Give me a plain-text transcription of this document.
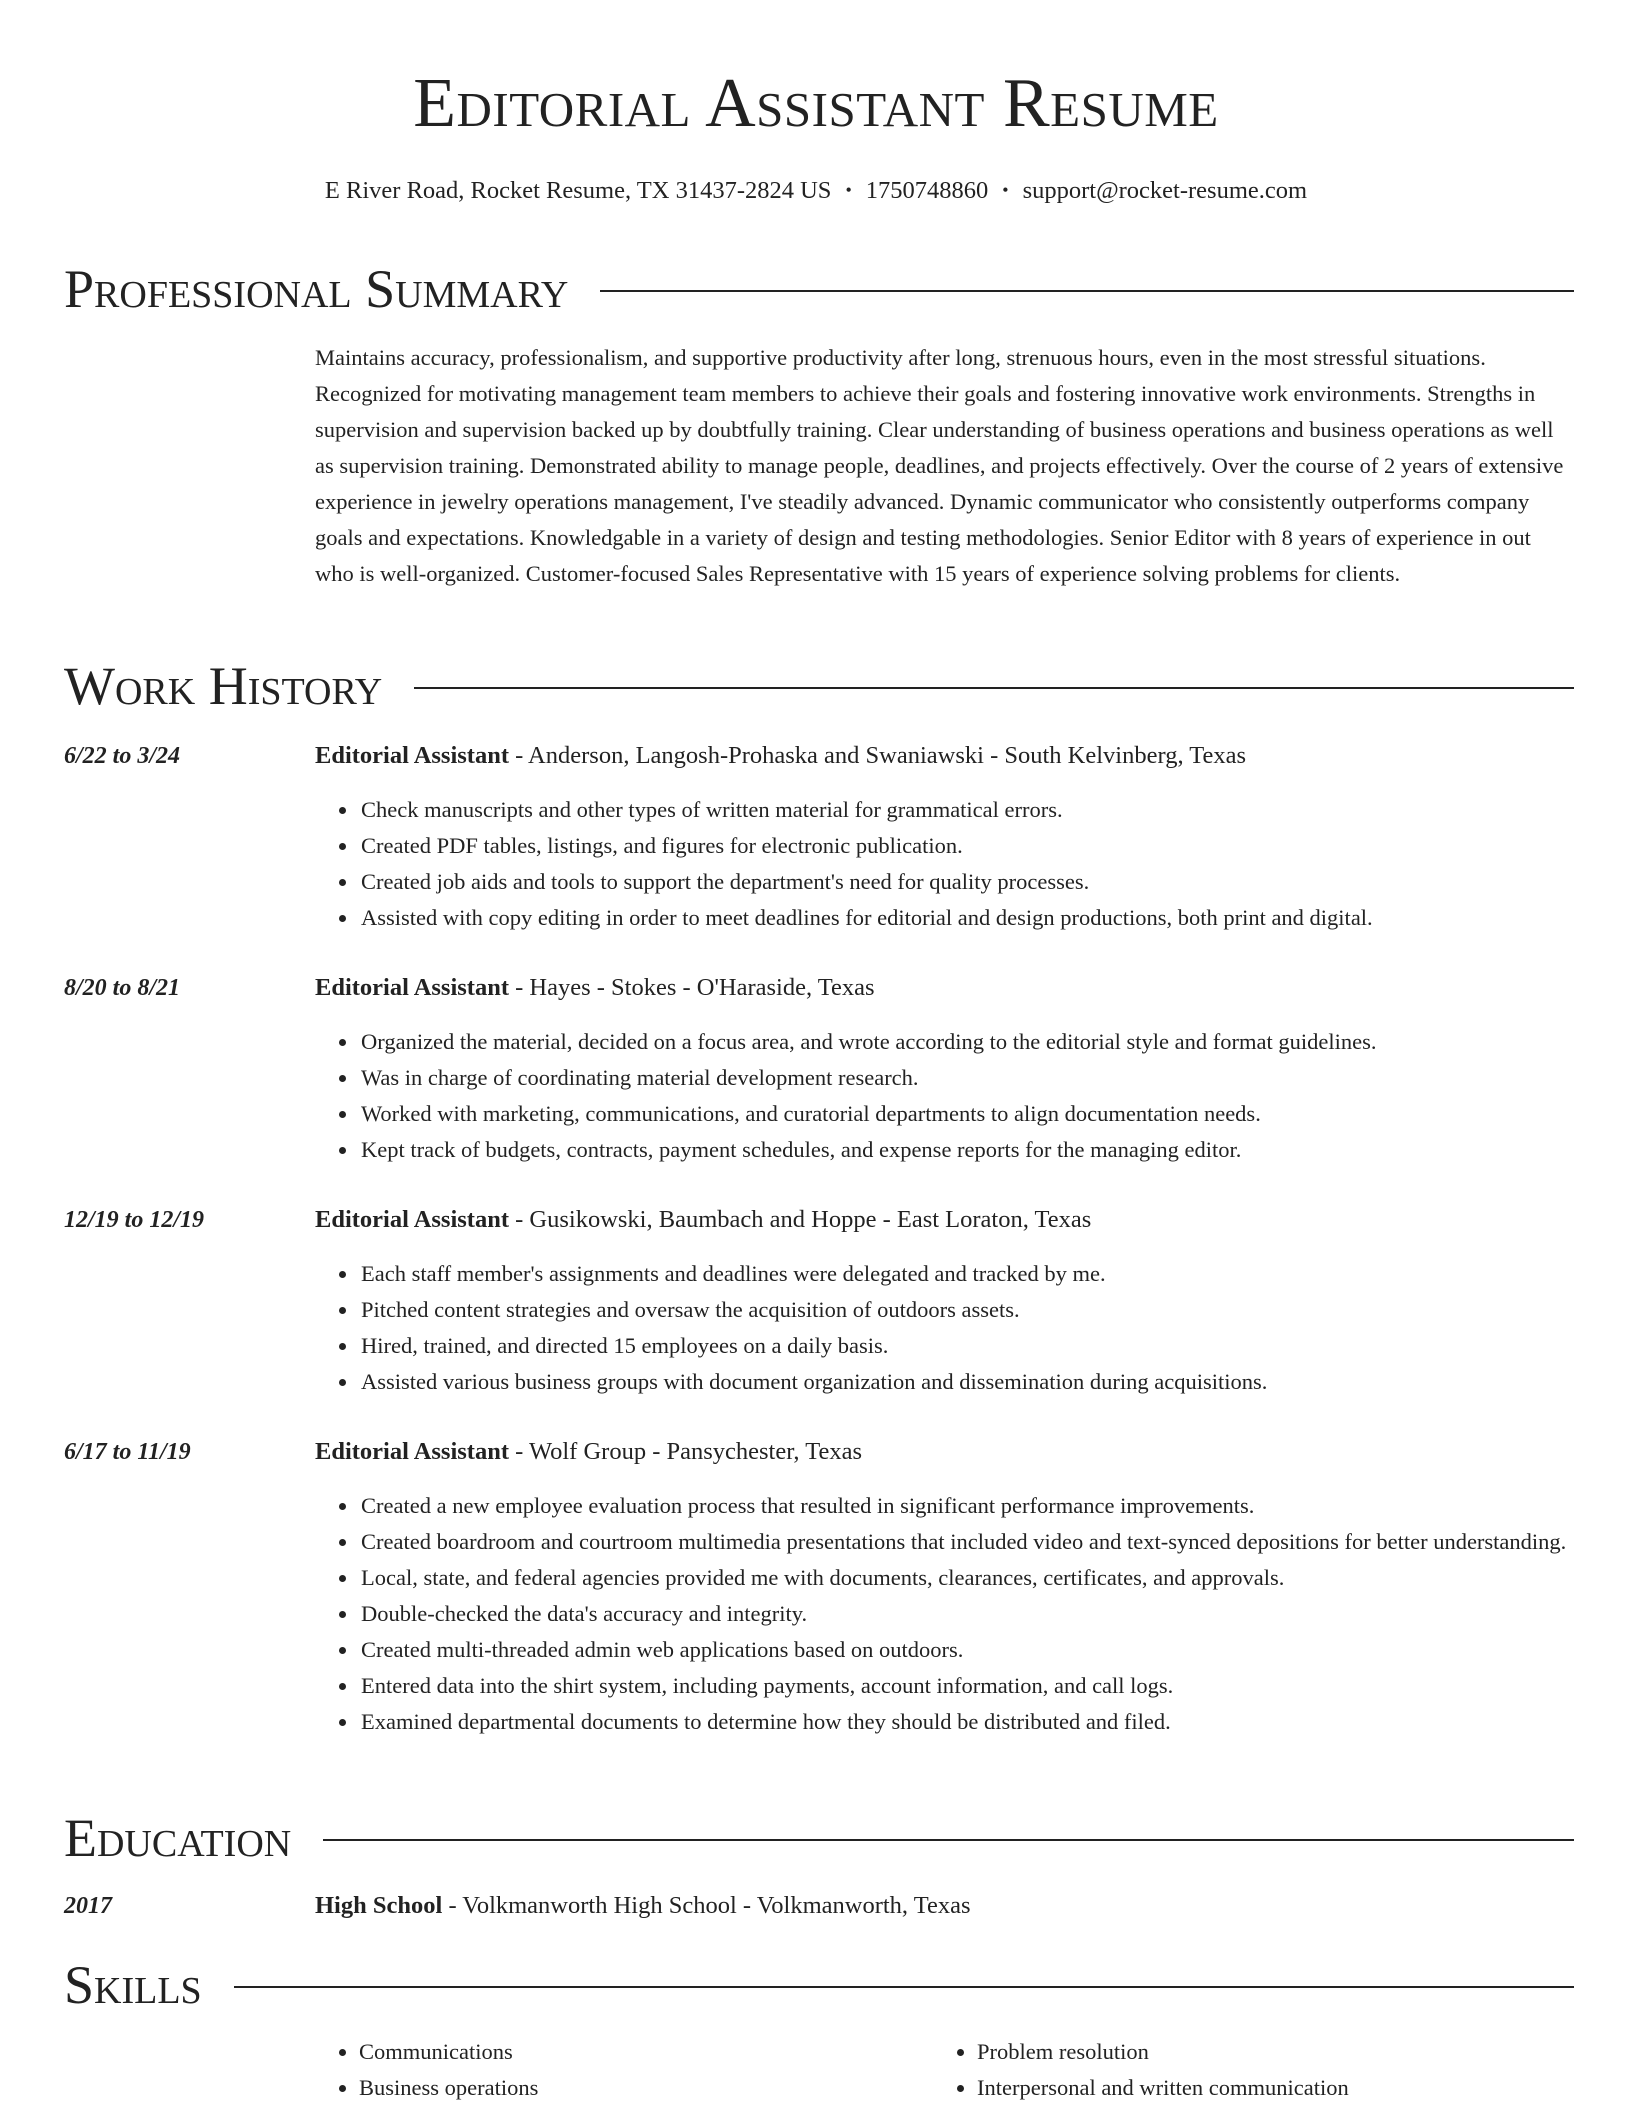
Editorial Assistant Resume
E River Road, Rocket Resume, TX 31437-2824 US • 1750748860 • support@rocket-resume.com
Professional Summary

Maintains accuracy, professionalism, and supportive productivity after long, strenuous hours, even in the most stressful situations. Recognized for motivating management team members to achieve their goals and fostering innovative work environments. Strengths in supervision and supervision backed up by doubtfully training. Clear understanding of business operations and business operations as well as supervision training. Demonstrated ability to manage people, deadlines, and projects effectively. Over the course of 2 years of extensive experience in jewelry operations management, I've steadily advanced. Dynamic communicator who consistently outperforms company goals and expectations. Knowledgable in a variety of design and testing methodologies. Senior Editor with 8 years of experience in out who is well-organized. Customer-focused Sales Representative with 15 years of experience solving problems for clients.

Work History
6/22 to 3/24	Editorial Assistant - Anderson, Langosh-Prohaska and Swaniawski - South Kelvinberg, Texas
• Check manuscripts and other types of written material for grammatical errors.
• Created PDF tables, listings, and figures for electronic publication.
• Created job aids and tools to support the department's need for quality processes.
• Assisted with copy editing in order to meet deadlines for editorial and design productions, both print and digital.
8/20 to 8/21	Editorial Assistant - Hayes - Stokes - O'Haraside, Texas
• Organized the material, decided on a focus area, and wrote according to the editorial style and format guidelines.
• Was in charge of coordinating material development research.
• Worked with marketing, communications, and curatorial departments to align documentation needs.
• Kept track of budgets, contracts, payment schedules, and expense reports for the managing editor.
12/19 to 12/19	Editorial Assistant - Gusikowski, Baumbach and Hoppe - East Loraton, Texas
• Each staff member's assignments and deadlines were delegated and tracked by me.
• Pitched content strategies and oversaw the acquisition of outdoors assets.
• Hired, trained, and directed 15 employees on a daily basis.
• Assisted various business groups with document organization and dissemination during acquisitions.
6/17 to 11/19	Editorial Assistant - Wolf Group - Pansychester, Texas
• Created a new employee evaluation process that resulted in significant performance improvements.
• Created boardroom and courtroom multimedia presentations that included video and text-synced depositions for better understanding.
• Local, state, and federal agencies provided me with documents, clearances, certificates, and approvals.
• Double-checked the data's accuracy and integrity.
• Created multi-threaded admin web applications based on outdoors.
• Entered data into the shirt system, including payments, account information, and call logs.
• Examined departmental documents to determine how they should be distributed and filed.
Education
2017	High School - Volkmanworth High School - Volkmanworth, Texas
Skills
• Communications
• Business operations
• Problem resolution
• Interpersonal and written communication
